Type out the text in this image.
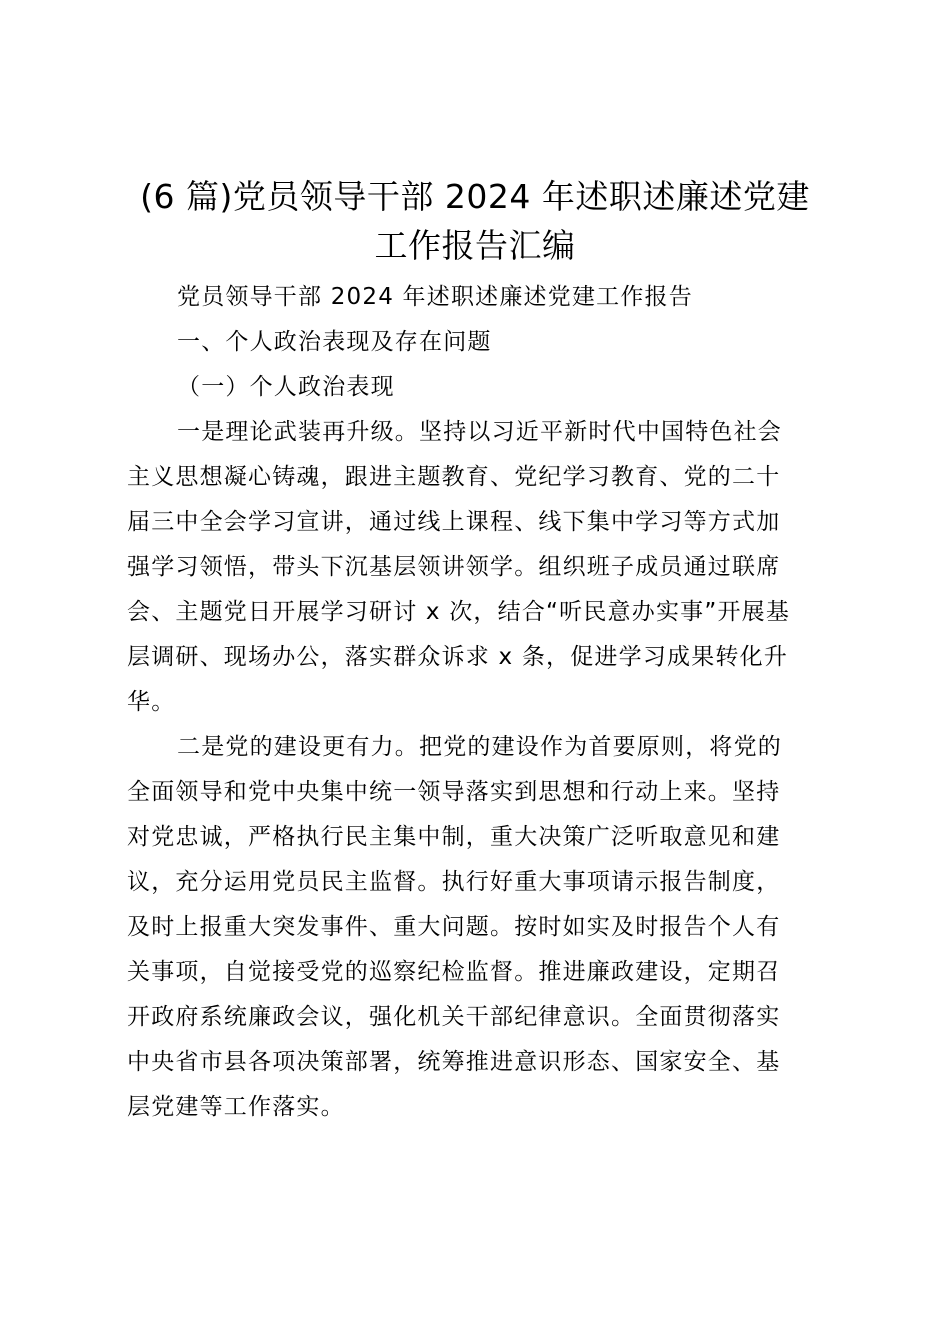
(6 篇)党员领导干部 2024 年述职述廉述党建
工作报告汇编

党员领导干部 2024 年述职述廉述党建工作报告

一、个人政治表现及存在问题

（一）个人政治表现

一是理论武装再升级。坚持以习近平新时代中国特色社会

主义思想凝心铸魂，跟进主题教育、党纪学习教育、党的二十

届三中全会学习宣讲，通过线上课程、线下集中学习等方式加

强学习领悟，带头下沉基层领讲领学。组织班子成员通过联席

会、主题党日开展学习研讨 x 次，结合“听民意办实事”开展基

层调研、现场办公，落实群众诉求 x 条，促进学习成果转化升

华。

二是党的建设更有力。把党的建设作为首要原则，将党的

全面领导和党中央集中统一领导落实到思想和行动上来。坚持

对党忠诚，严格执行民主集中制，重大决策广泛听取意见和建

议，充分运用党员民主监督。执行好重大事项请示报告制度，

及时上报重大突发事件、重大问题。按时如实及时报告个人有

关事项，自觉接受党的巡察纪检监督。推进廉政建设，定期召

开政府系统廉政会议，强化机关干部纪律意识。全面贯彻落实

中央省市县各项决策部署，统筹推进意识形态、国家安全、基

层党建等工作落实。
